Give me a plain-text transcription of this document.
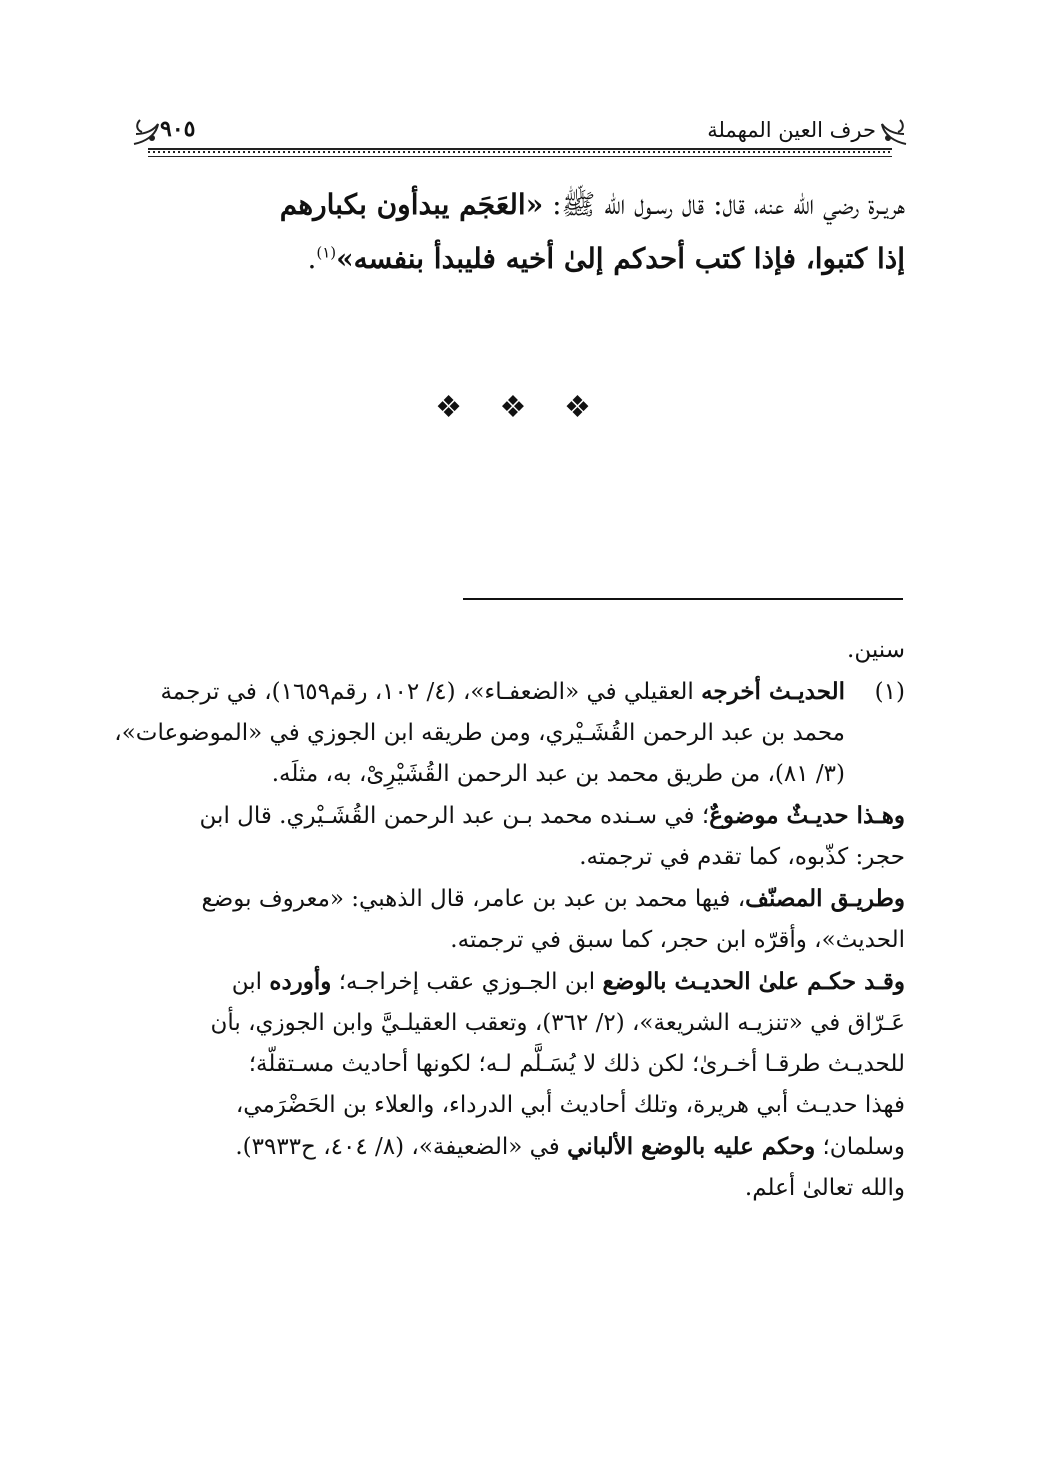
حرف العين المهملة
٩٠٥
هريـرة رضي الله عنه، قال: قال رسـول الله ﷺ: «العَجَم يبدأون بكبارهم
إذا كتبوا، فإذا كتب أحدكم إلىٰ أخيه فليبدأ بنفسه»$^{(١)}$.
❖ ❖ ❖
سنين.
(١)الحديـث أخرجه العقيلي في «الضعفـاء»، (٤/ ١٠٢، رقم١٦٥٩)، في ترجمة
محمد بن عبد الرحمن القُشَـيْري، ومن طريقه ابن الجوزي في «الموضوعات»،
(٣/ ٨١)، من طريق محمد بن عبد الرحمن القُشَيْرِىْ، به، مثلَه.
وهـذا حديـثٌ موضوعٌ؛ في سـنده محمد بـن عبد الرحمن القُشَـيْري. قال ابن
حجر: كذّبوه، كما تقدم في ترجمته.
وطريـق المصنّف، فيها محمد بن عبد بن عامر، قال الذهبي: «معروف بوضع
الحديث»، وأقرّه ابن حجر، كما سبق في ترجمته.
وقـد حكـم علىٰ الحديـث بالوضع ابن الجـوزي عقب إخراجـه؛ وأورده ابن
عَـرّاق في «تنزيـه الشريعة»، (٢/ ٣٦٢)، وتعقب العقيلـيَّ وابن الجوزي، بأن
للحديـث طرقـا أخـرىٰ؛ لكن ذلك لا يُسَـلَّم لـه؛ لكونها أحاديث مسـتقلّة؛
فهذا حديـث أبي هريرة، وتلك أحاديث أبي الدرداء، والعلاء بن الحَضْرَمي،
وسلمان؛ وحكم عليه بالوضع الألباني في «الضعيفة»، (٨/ ٤٠٤، ح٣٩٣٣).
والله تعالىٰ أعلم.
